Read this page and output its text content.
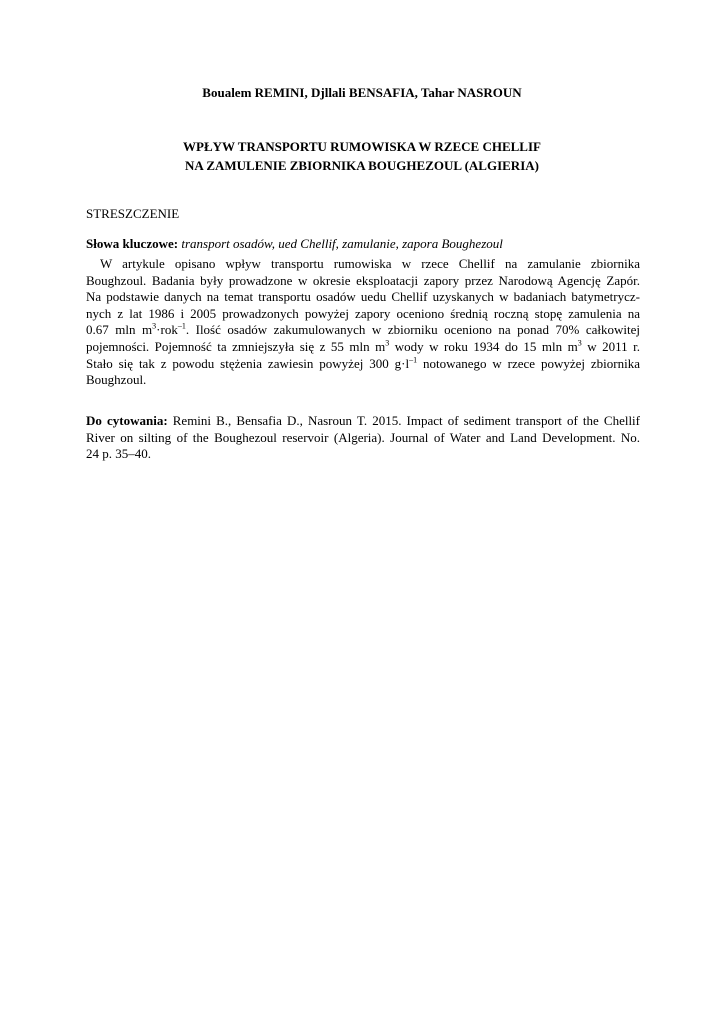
Boualem REMINI, Djllali BENSAFIA, Tahar NASROUN
WPŁYW TRANSPORTU RUMOWISKA W RZECE CHELLIF
NA ZAMULENIE ZBIORNIKA BOUGHEZOUL (ALGIERIA)
STRESZCZENIE
Słowa kluczowe: transport osadów, ued Chellif, zamulanie, zapora Boughezoul
W artykule opisano wpływ transportu rumowiska w rzece Chellif na zamulanie zbiornika
Boughzoul. Badania były prowadzone w okresie eksploatacji zapory przez Narodową Agencję Zapór.
Na podstawie danych na temat transportu osadów uedu Chellif uzyskanych w badaniach batymetrycz-
nych z lat 1986 i 2005 prowadzonych powyżej zapory oceniono średnią roczną stopę zamulenia na
0.67 mln $m^3\cdot rok^{-1}$. Ilość osadów zakumulowanych w zbiorniku oceniono na ponad 70% całkowitej
pojemności. Pojemność ta zmniejszyła się z 55 mln $m^3$ wody w roku 1934 do 15 mln $m^3$ w 2011 r.
Stało się tak z powodu stężenia zawiesin powyżej 300 $g\cdot l^{-1}$ notowanego w rzece powyżej zbiornika
Boughzoul.
Do cytowania: Remini B., Bensafia D., Nasroun T. 2015. Impact of sediment transport of the Chellif
River on silting of the Boughezoul reservoir (Algeria). Journal of Water and Land Development. No.
24 p. 35–40.
